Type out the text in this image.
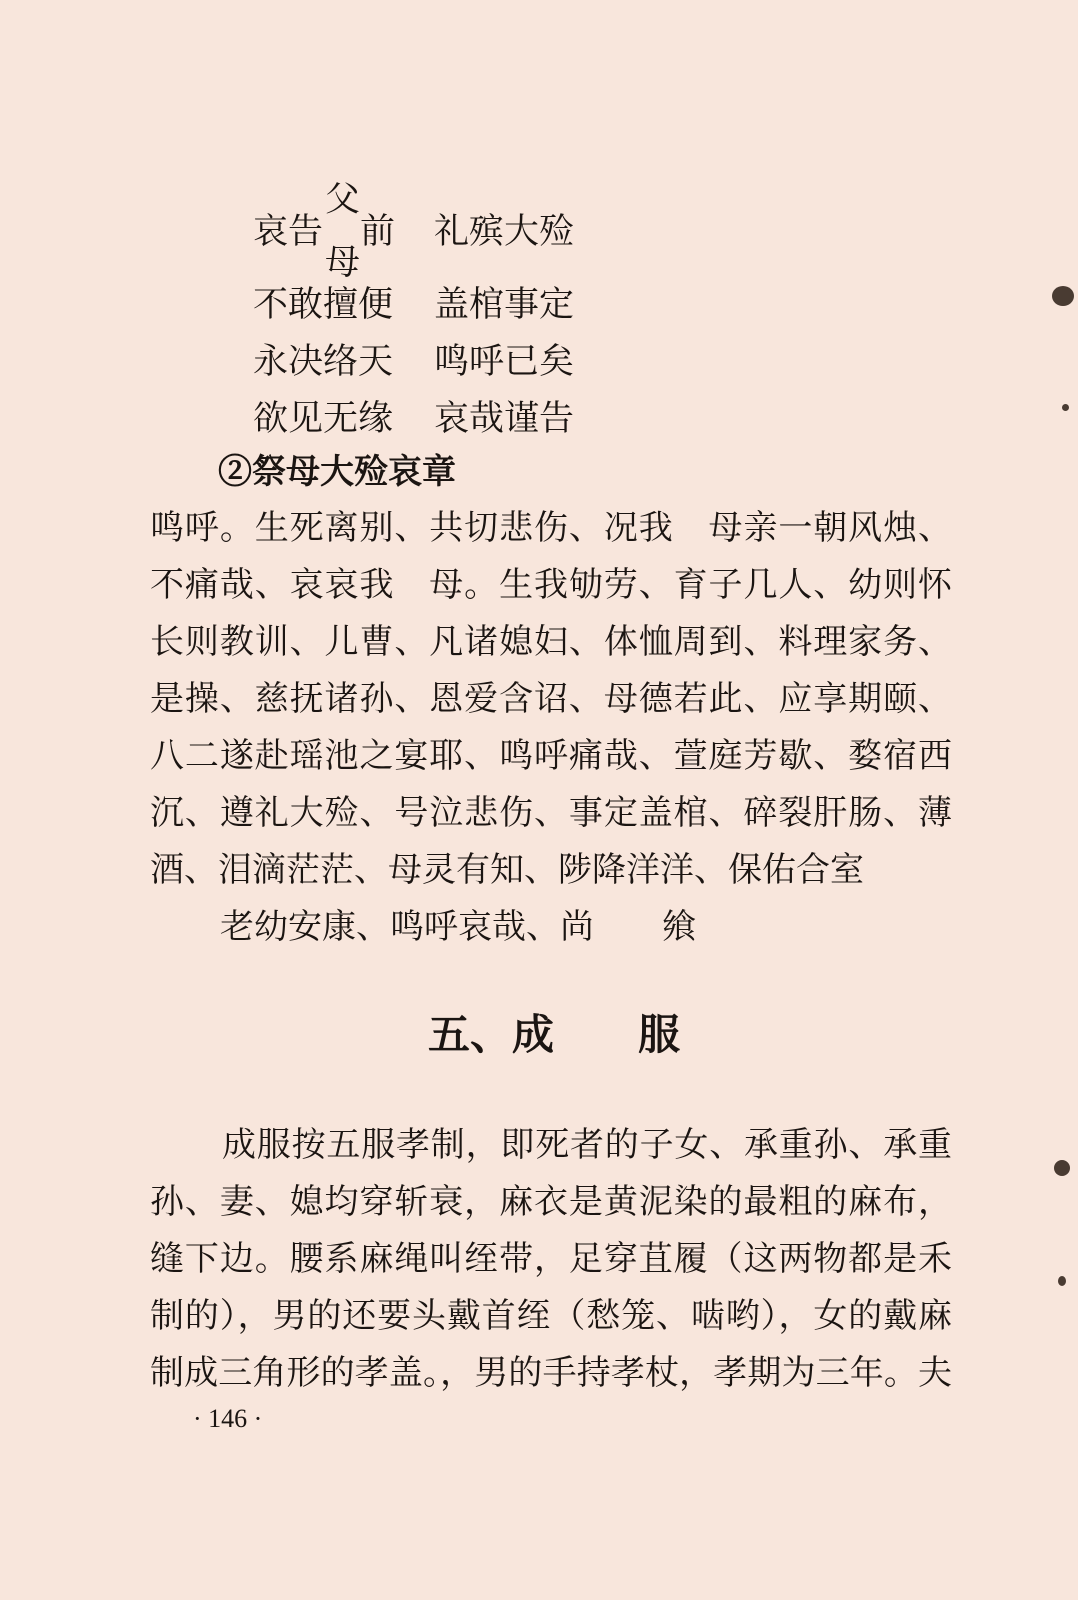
哀告
父
母
前 礼殡大殓
不敢擅便 盖棺事定
永决络天 鸣呼已矣
欲见无缘 哀哉谨告
②祭母大殓哀章
鸣呼。生死离别、共切悲伤、况我　母亲一朝风烛、
不痛哉、哀哀我　母。生我劬劳、育子几人、幼则怀
长则教训、儿曹、凡诸媳妇、体恤周到、料理家务、
是操、慈抚诸孙、恩爱含诏、母德若此、应享期颐、
八二遂赴瑶池之宴耶、鸣呼痛哉、萱庭芳歇、婺宿西
沉、遵礼大殓、号泣悲伤、事定盖棺、碎裂肝肠、薄
酒、泪滴茫茫、母灵有知、陟降洋洋、保佑合室
老幼安康、鸣呼哀哉、尚　　飨
五、成　　服
成服按五服孝制，即死者的子女、承重孙、承重
孙、妻、媳均穿斩衰，麻衣是黄泥染的最粗的麻布，
缝下边。腰系麻绳叫绖带，足穿苴履（这两物都是禾
制的），男的还要头戴首绖（愁笼、啮哟），女的戴麻
制成三角形的孝盖。，男的手持孝杖，孝期为三年。夫
· 146 ·
